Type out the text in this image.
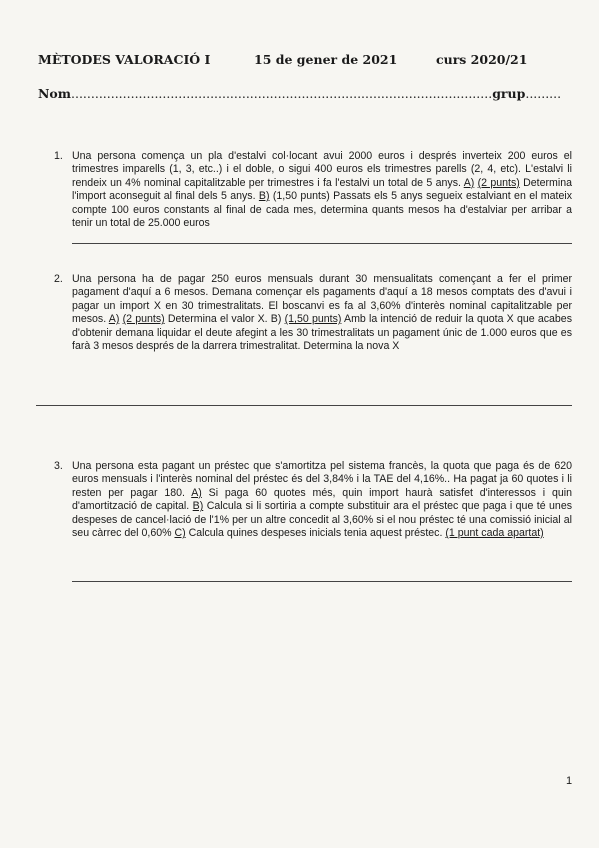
MÈTODES VALORACIÓ I	15 de gener de 2021	curs 2020/21
Nom..........................................................................................................grup.........
1. Una persona comença un pla d'estalvi col·locant avui 2000 euros i després inverteix 200 euros el trimestres imparells (1, 3, etc..) i el doble, o sigui 400 euros els trimestres parells (2, 4, etc). L'estalvi li rendeix un 4% nominal capitalitzable per trimestres i fa l'estalvi un total de 5 anys. A) (2 punts) Determina l'import aconseguit al final dels 5 anys. B) (1,50 punts) Passats els 5 anys segueix estalviant en el mateix compte 100 euros constants al final de cada mes, determina quants mesos ha d'estalviar per arribar a tenir un total de 25.000 euros
2. Una persona ha de pagar 250 euros mensuals durant 30 mensualitats començant a fer el primer pagament d'aquí a 6 mesos. Demana començar els pagaments d'aquí a 18 mesos comptats des d'avui i pagar un import X en 30 trimestralitats. El boscanvi es fa al 3,60% d'interès nominal capitalitzable per mesos. A) (2 punts) Determina el valor X. B) (1,50 punts) Amb la intenció de reduir la quota X que acabes d'obtenir demana liquidar el deute afegint a les 30 trimestralitats un pagament únic de 1.000 euros que es farà 3 mesos després de la darrera trimestralitat. Determina la nova X
3. Una persona esta pagant un préstec que s'amortitza pel sistema francès, la quota que paga és de 620 euros mensuals i l'interès nominal del préstec és del 3,84% i la TAE del 4,16%.. Ha pagat ja 60 quotes i li resten per pagar 180. A) Si paga 60 quotes més, quin import haurà satisfet d'interessos i quin d'amortització de capital. B) Calcula si li sortiria a compte substituir ara el préstec que paga i que té unes despeses de cancel·lació de l'1% per un altre concedit al 3,60% si el nou préstec té una comissió inicial al seu càrrec del 0,60% C) Calcula quines despeses inicials tenia aquest préstec. (1 punt cada apartat)
1
